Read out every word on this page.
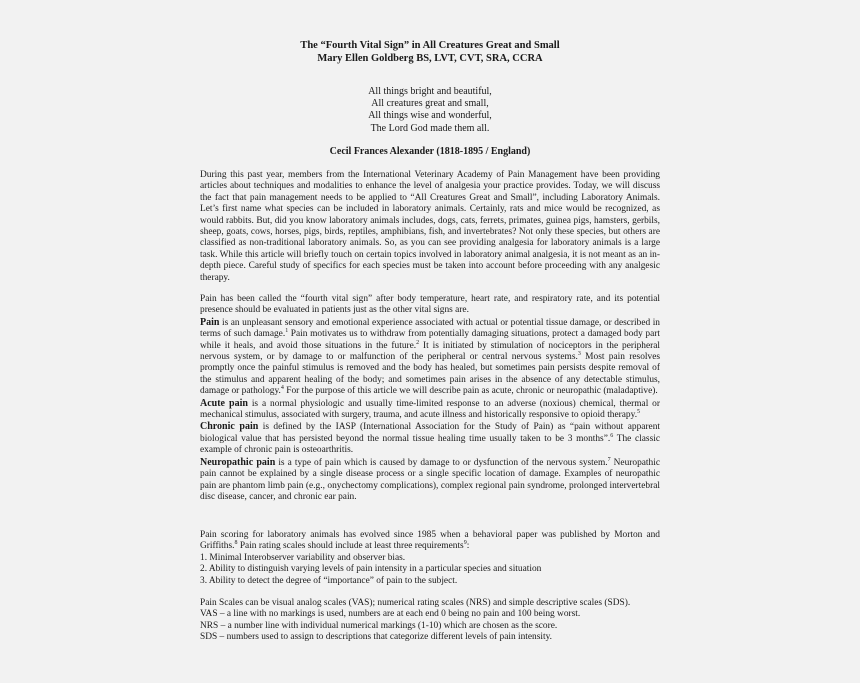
The “Fourth Vital Sign” in All Creatures Great and Small
Mary Ellen Goldberg BS, LVT, CVT, SRA, CCRA
All things bright and beautiful,
All creatures great and small,
All things wise and wonderful,
The Lord God made them all.
Cecil Frances Alexander (1818-1895 / England)

During this past year, members from the International Veterinary Academy of Pain Management have been providing articles about techniques and modalities to enhance the level of analgesia your practice provides. Today, we will discuss the fact that pain management needs to be applied to “All Creatures Great and Small”, including Laboratory Animals. Let’s first name what species can be included in laboratory animals. Certainly, rats and mice would be recognized, as would rabbits. But, did you know laboratory animals includes, dogs, cats, ferrets, primates, guinea pigs, hamsters, gerbils, sheep, goats, cows, horses, pigs, birds, reptiles, amphibians, fish, and invertebrates? Not only these species, but others are classified as non-traditional laboratory animals. So, as you can see providing analgesia for laboratory animals is a large task. While this article will briefly touch on certain topics involved in laboratory animal analgesia, it is not meant as an in-depth piece. Careful study of specifics for each species must be taken into account before proceeding with any analgesic therapy.

Pain has been called the “fourth vital sign” after body temperature, heart rate, and respiratory rate, and its potential presence should be evaluated in patients just as the other vital signs are.

Pain is an unpleasant sensory and emotional experience associated with actual or potential tissue damage, or described in terms of such damage.$^1$ Pain motivates us to withdraw from potentially damaging situations, protect a damaged body part while it heals, and avoid those situations in the future.$^2$ It is initiated by stimulation of nociceptors in the peripheral nervous system, or by damage to or malfunction of the peripheral or central nervous systems.$^3$ Most pain resolves promptly once the painful stimulus is removed and the body has healed, but sometimes pain persists despite removal of the stimulus and apparent healing of the body; and sometimes pain arises in the absence of any detectable stimulus, damage or pathology.$^4$ For the purpose of this article we will describe pain as acute, chronic or neuropathic (maladaptive).

Acute pain is a normal physiologic and usually time-limited response to an adverse (noxious) chemical, thermal or mechanical stimulus, associated with surgery, trauma, and acute illness and historically responsive to opioid therapy.$^5$

Chronic pain is defined by the IASP (International Association for the Study of Pain) as “pain without apparent biological value that has persisted beyond the normal tissue healing time usually taken to be 3 months”.$^6$ The classic example of chronic pain is osteoarthritis.

Neuropathic pain is a type of pain which is caused by damage to or dysfunction of the nervous system.$^7$ Neuropathic pain cannot be explained by a single disease process or a single specific location of damage. Examples of neuropathic pain are phantom limb pain (e.g., onychectomy complications), complex regional pain syndrome, prolonged intervertebral disc disease, cancer, and chronic ear pain.

Pain scoring for laboratory animals has evolved since 1985 when a behavioral paper was published by Morton and Griffiths.$^8$ Pain rating scales should include at least three requirements$^9$:

1. Minimal Interobserver variability and observer bias.
2. Ability to distinguish varying levels of pain intensity in a particular species and situation
3. Ability to detect the degree of “importance” of pain to the subject.

Pain Scales can be visual analog scales (VAS); numerical rating scales (NRS) and simple descriptive scales (SDS).

VAS – a line with no markings is used, numbers are at each end 0 being no pain and 100 being worst.
NRS – a number line with individual numerical markings (1-10) which are chosen as the score.
SDS – numbers used to assign to descriptions that categorize different levels of pain intensity.
